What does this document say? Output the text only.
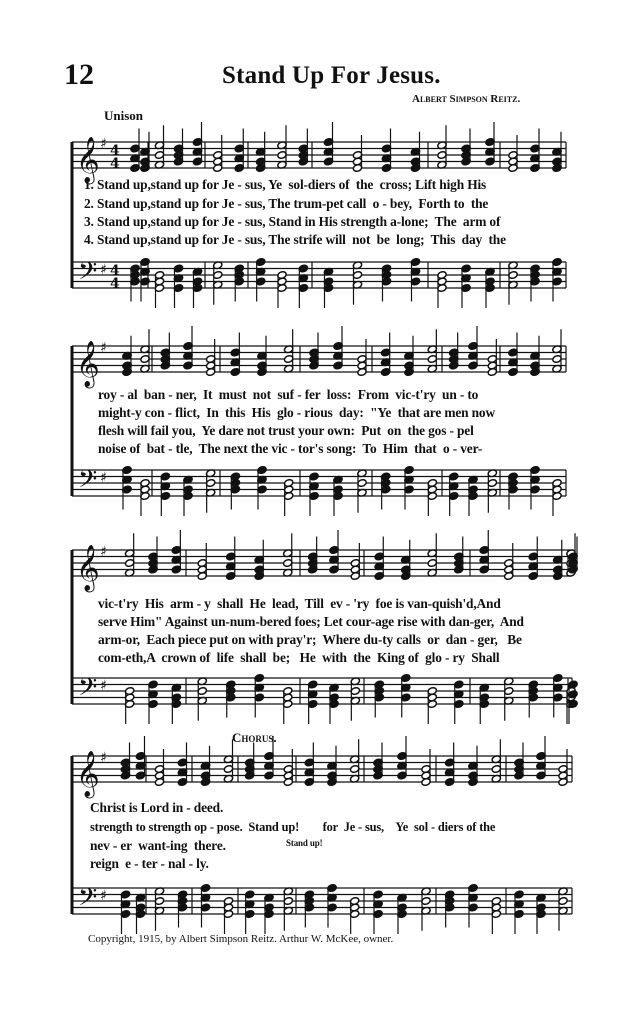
12	Stand Up For Jesus.
Albert Simpson Reitz.
Unison
Chorus.
𝄞
𝄢
♯
♯
4
4
4
4
𝄞
𝄢
♯
♯
𝄞
𝄢
♯
♯
𝄞
𝄢
♯
♯
1. Stand up,stand up for Je - sus, Ye  sol-diers of  the  cross; Lift high His
2. Stand up,stand up for Je - sus, The trum-pet call  o - bey,  Forth to  the
3. Stand up,stand up for Je - sus, Stand in His strength a-lone;  The  arm of
4. Stand up,stand up for Je - sus, The strife will  not  be  long;  This  day  the
roy - al  ban - ner,  It  must  not  suf - fer  loss:  From  vic-t'ry  un - to
might-y con - flict,  In  this  His  glo - rious  day:  "Ye  that are men now
flesh will fail you,  Ye dare not trust your own:  Put  on  the gos - pel
noise of  bat - tle,  The next the vic - tor's song:  To  Him  that  o - ver-
vic-t'ry  His  arm - y  shall  He  lead,  Till  ev - 'ry  foe is van-quish'd,And
serve Him" Against un-num-bered foes; Let cour-age rise with dan-ger,  And
arm-or,  Each piece put on with pray'r;  Where du-ty calls  or  dan - ger,   Be
com-eth,A  crown of  life  shall  be;   He  with  the  King of  glo - ry  Shall
Christ is Lord in - deed.
strength to strength op - pose.  Stand up!        for  Je - sus,    Ye  sol - diers of the
nev - er  want-ing  there.	Stand up!
reign  e - ter - nal - ly.
Copyright, 1915, by Albert Simpson Reitz. Arthur W. McKee, owner.
